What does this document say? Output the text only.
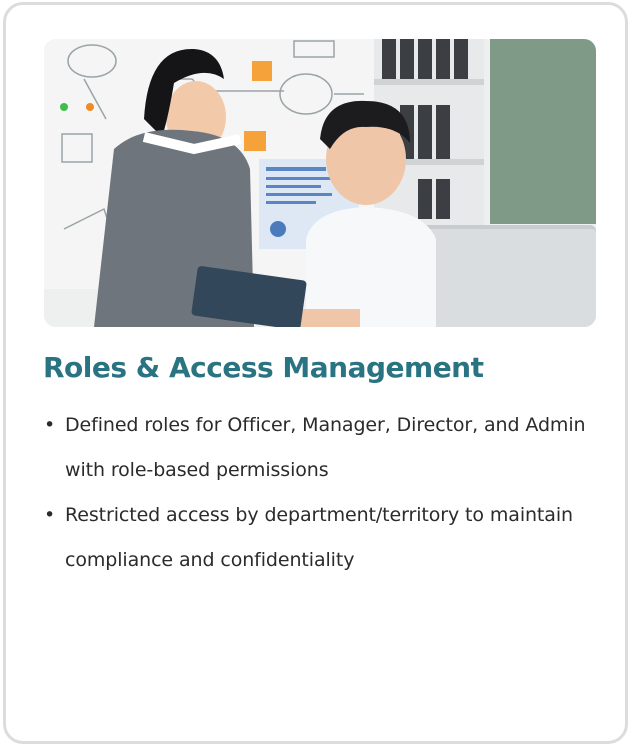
Roles & Access Management
• Defined roles for Officer, Manager, Director, and Admin with role-based permissions
• Restricted access by department/territory to maintain compliance and confidentiality
